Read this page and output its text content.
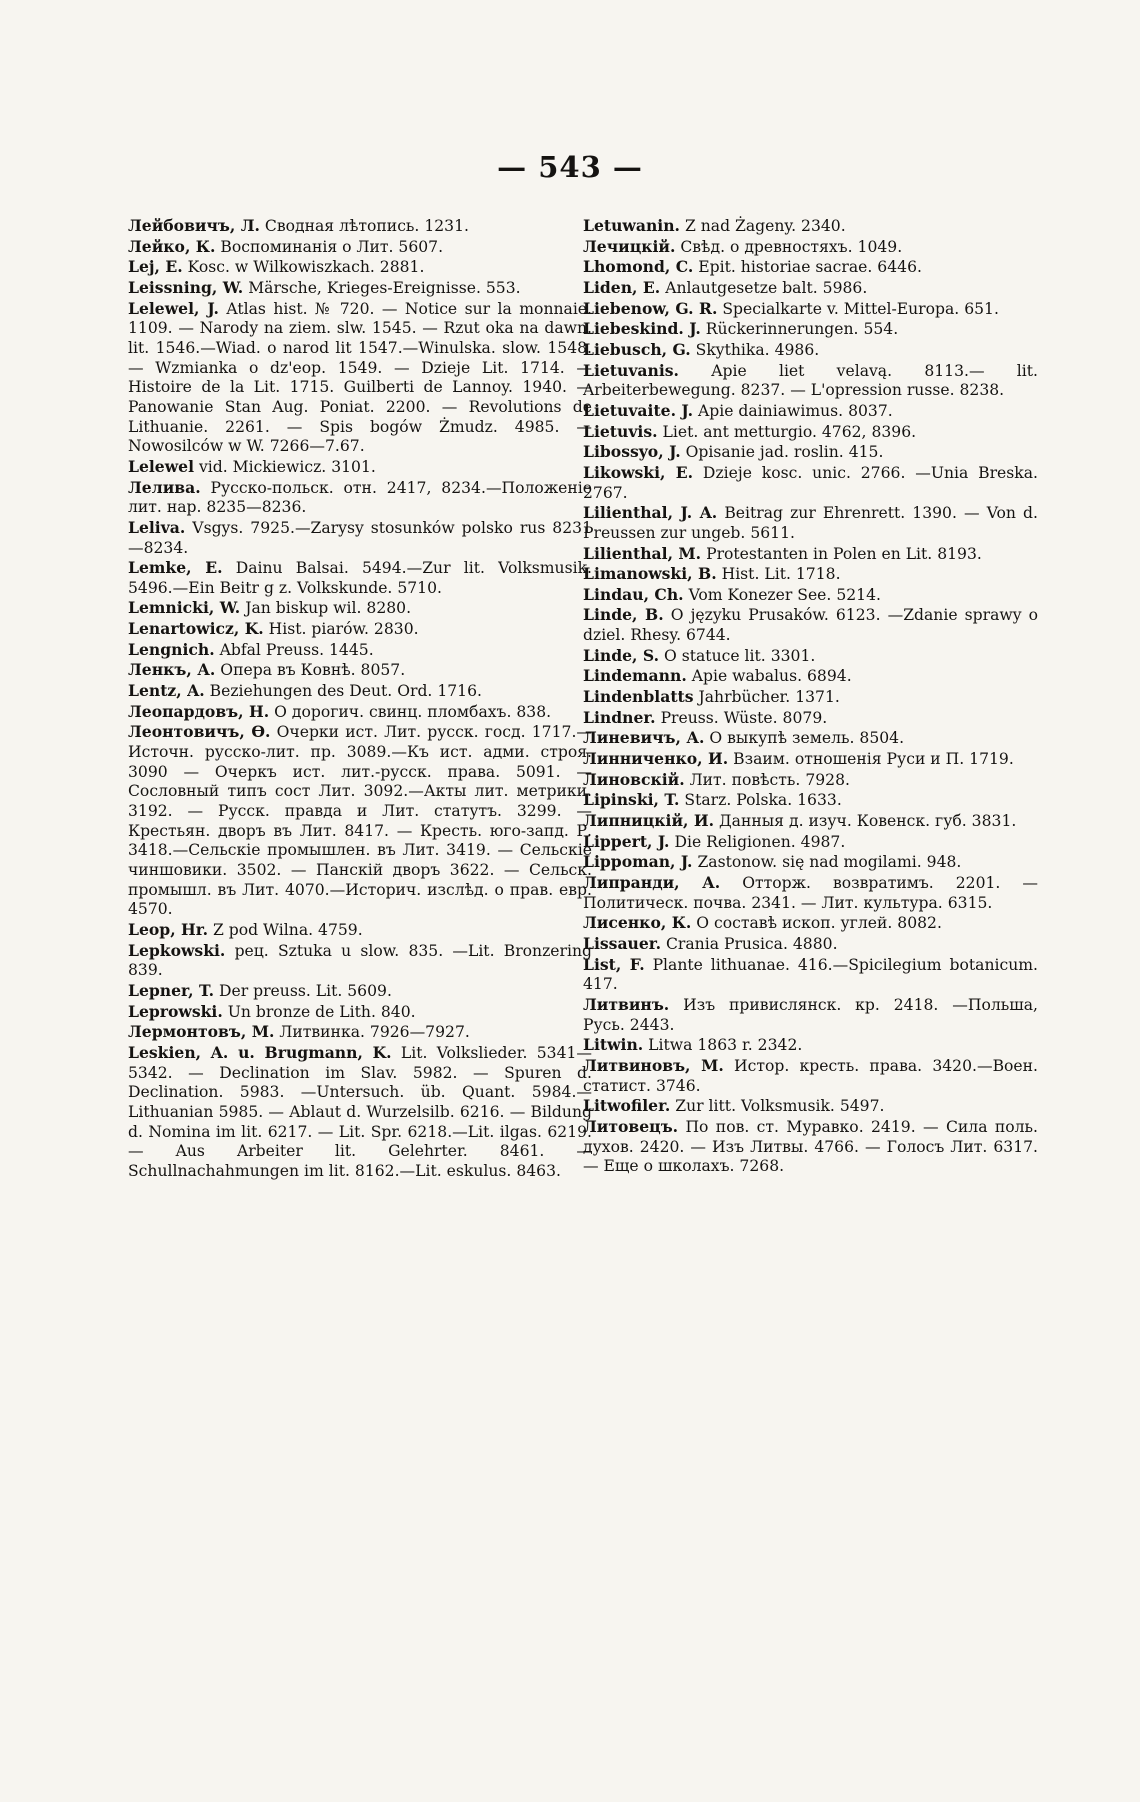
— 543 —

Лейбовичъ, Л. Сводная лѣтопись. 1231.

Лейко, К. Воспоминанія о Лит. 5607.

Lej, E. Kosc. w Wilkowiszkach. 2881.

Leissning, W. Märsche, Krieges-Ereignisse. 553.

Lelewel, J. Atlas hist. № 720. — Notice sur la monnaie. 1109. — Narody na ziem. slw. 1545. — Rzut oka na dawn. lit. 1546.—Wiad. o narod lit 1547.—Winulska. slow. 1548. — Wzmianka o dz'eop. 1549. — Dzieje Lit. 1714. — Histoire de la Lit. 1715. Guilberti de Lannoy. 1940. — Panowanie Stan Aug. Poniat. 2200. — Revolutions de Lithuanie. 2261. — Spis bogów Żmudz. 4985. — Nowosilców w W. 7266—7.67.

Lelewel vid. Mickiewicz. 3101.

Лелива. Русско-польск. отн. 2417, 8234.—Положеніе лит. нар. 8235—8236.

Leliva. Vsgys. 7925.—Zarysy stosunków polsko rus 8231—8234.

Lemke, E. Dainu Balsai. 5494.—Zur lit. Volksmusik. 5496.—Ein Beitr g z. Volkskunde. 5710.

Lemnicki, W. Jan biskup wil. 8280.

Lenartowicz, K. Hist. piarów. 2830.

Lengnich. Abfal Preuss. 1445.

Ленкъ, А. Опера въ Ковнѣ. 8057.

Lentz, A. Beziehungen des Deut. Ord. 1716.

Леопардовъ, Н. О дорогич. свинц. пломбахъ. 838.

Леонтовичъ, Ѳ. Очерки ист. Лит. русск. госд. 1717.—Источн. русско-лит. пр. 3089.—Къ ист. адми. строя. 3090 — Очеркъ ист. лит.-русск. права. 5091. — Сословный типъ сост Лит. 3092.—Акты лит. метрики. 3192. — Русск. правда и Лит. статутъ. 3299. — Крестьян. дворъ въ Лит. 8417. — Кресть. юго-запд. Р. 3418.—Сельскіе промышлен. въ Лит. 3419. — Сельскіе чиншовики. 3502. — Панскій дворъ 3622. — Сельск. промышл. въ Лит. 4070.—Историч. изслѣд. о прав. евр. 4570.

Leop, Hr. Z pod Wilna. 4759.

Lepkowski. рец. Sztuka u slow. 835. —Lit. Bronzering 839.

Lepner, T. Der preuss. Lit. 5609.

Leprowski. Un bronze de Lith. 840.

Лермонтовъ, М. Литвинка. 7926—7927.

Leskien, A. u. Brugmann, K. Lit. Volkslieder. 5341—5342. — Declination im Slav. 5982. — Spuren d. Declination. 5983. —Untersuch. üb. Quant. 5984.—Lithuanian 5985. — Ablaut d. Wurzelsilb. 6216. — Bildung d. Nomina im lit. 6217. — Lit. Spr. 6218.—Lit. ilgas. 6219.— Aus Arbeiter lit. Gelehrter. 8461. — Schullnachahmungen im lit. 8162.—Lit. eskulus. 8463.

Letuwanin. Z nad Żageny. 2340.

Лечицкій. Свѣд. о древностяхъ. 1049.

Lhomond, C. Epit. historiae sacrae. 6446.

Liden, E. Anlautgesetze balt. 5986.

Liebenow, G. R. Specialkarte v. Mittel-Europa. 651.

Liebeskind. J. Rückerinnerungen. 554.

Liebusch, G. Skythika. 4986.

Lietuvanis. Apie liet velavą. 8113.— lit. Arbeiterbewegung. 8237. — L'opression russe. 8238.

Lietuvaite. J. Apie dainiawimus. 8037.

Lietuvis. Liet. ant metturgio. 4762, 8396.

Libossyo, J. Opisanie jad. roslin. 415.

Likowski, E. Dzieje kosc. unic. 2766. —Unia Breska. 2767.

Lilienthal, J. A. Beitrag zur Ehrenrett. 1390. — Von d. Preussen zur ungeb. 5611.

Lilienthal, M. Protestanten in Polen en Lit. 8193.

Limanowski, B. Hist. Lit. 1718.

Lindau, Ch. Vom Konezer See. 5214.

Linde, B. O języku Prusaków. 6123. —Zdanie sprawy o dziel. Rhesy. 6744.

Linde, S. O statuce lit. 3301.

Lindemann. Apie wabalus. 6894.

Lindenblatts Jahrbücher. 1371.

Lindner. Preuss. Wüste. 8079.

Линевичъ, А. О выкупѣ земель. 8504.

Линниченко, И. Взаим. отношенія Руси и П. 1719.

Линовскій. Лит. повѣсть. 7928.

Lipinski, T. Starz. Polska. 1633.

Липницкій, И. Данныя д. изуч. Ковенск. губ. 3831.

Lippert, J. Die Religionen. 4987.

Lippoman, J. Zastonow. się nad mogilami. 948.

Липранди, А. Отторж. возвратимъ. 2201. — Политическ. почва. 2341. — Лит. культура. 6315.

Лисенко, К. О составѣ ископ. углей. 8082.

Lissauer. Crania Prusica. 4880.

List, F. Plante lithuanae. 416.—Spicilegium botanicum. 417.

Литвинъ. Изъ привислянск. кр. 2418. —Польша, Русь. 2443.

Litwin. Litwa 1863 r. 2342.

Литвиновъ, М. Истор. кресть. права. 3420.—Воен. статист. 3746.

Litwofiler. Zur litt. Volksmusik. 5497.

Литовецъ. По пов. ст. Муравко. 2419. — Сила поль. духов. 2420. — Изъ Литвы. 4766. — Голосъ Лит. 6317. — Еще о школахъ. 7268.
